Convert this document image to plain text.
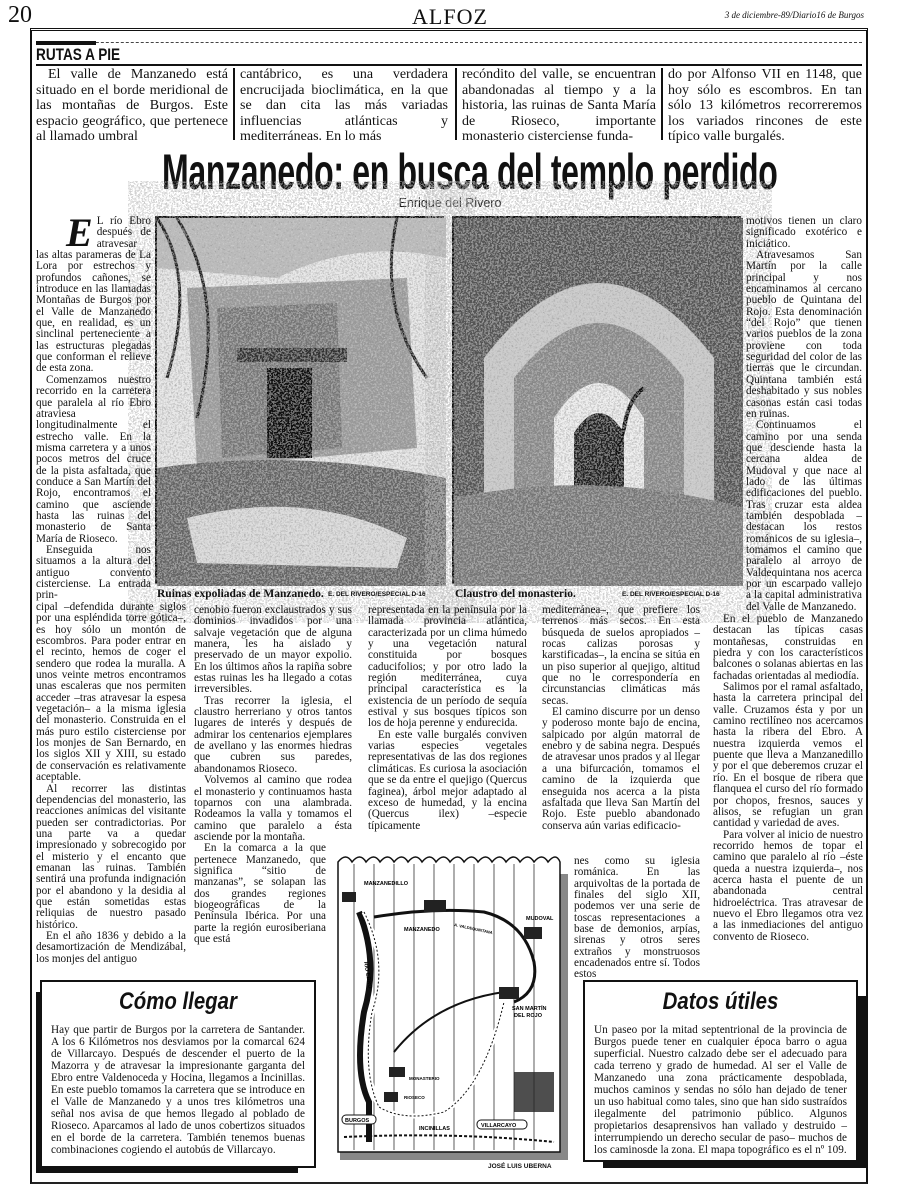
20	ALFOZ	3 de diciembre-89/Diario16 de Burgos
RUTAS A PIE
El valle de Manzanedo está situado en el borde meridional de las montañas de Burgos. Este espacio geográfico, que pertenece al llamado umbral
cantábrico, es una verdadera encrucijada bioclimática, en la que se dan cita las más variadas influencias atlánticas y mediterráneas. En lo más
recóndito del valle, se encuentran abandonadas al tiempo y a la historia, las ruinas de Santa María de Rioseco, importante monasterio cisterciense funda-
do por Alfonso VII en 1148, que hoy sólo es escombros. En tan sólo 13 kilómetros recorreremos los variados rincones de este típico valle burgalés.
Manzanedo: en busca del templo perdido
Enrique del Rivero
Ruinas expoliadas de Manzanedo. E. DEL RIVERO/ESPECIAL D-16	Claustro del monasterio.	E. DEL RIVERO/ESPECIAL D-16

E L río Ebro después de atravesar las altas parameras de La Lora por estrechos y profundos cañones, se introduce en las llamadas Montañas de Burgos por el Valle de Manzanedo que, en realidad, es un sinclinal perteneciente a las estructuras plegadas que conforman el relieve de esta zona.

Comenzamos nuestro recorrido en la carretera que paralela al río Ebro atraviesa longitudinalmente el estrecho valle. En la misma carretera y a unos pocos metros del cruce de la pista asfaltada, que conduce a San Martín del Rojo, encontramos el camino que asciende hasta las ruinas del monasterio de Santa María de Rioseco.

Enseguida nos situamos a la altura del antiguo convento cisterciense. La entrada prin-

cipal –defendida durante siglos por una espléndida torre gótica–, es hoy sólo un montón de escombros. Para poder entrar en el recinto, hemos de coger el sendero que rodea la muralla. A unos veinte metros encontramos unas escaleras que nos permiten acceder –tras atravesar la espesa vegetación– a la misma iglesia del monasterio. Construida en el más puro estilo cisterciense por los monjes de San Bernardo, en los siglos XII y XIII, su estado de conservación es relativamente aceptable.

Al recorrer las distintas dependencias del monasterio, las reacciones anímicas del visitante pueden ser contradictorias. Por una parte va a quedar impresionado y sobrecogido por el misterio y el encanto que emanan las ruinas. También sentirá una profunda indignación por el abandono y la desidia al que están sometidas estas reliquias de nuestro pasado histórico.

En el año 1836 y debido a la desamortización de Mendizábal, los monjes del antiguo

cenobio fueron exclaustrados y sus dominios invadidos por una salvaje vegetación que de alguna manera, les ha aislado y preservado de un mayor expolio. En los últimos años la rapiña sobre estas ruinas les ha llegado a cotas irreversibles.

Tras recorrer la iglesia, el claustro herreriano y otros tantos lugares de interés y después de admirar los centenarios ejemplares de avellano y las enormes hiedras que cubren sus paredes, abandonamos Rioseco.

Volvemos al camino que rodea el monasterio y continuamos hasta toparnos con una alambrada. Rodeamos la valla y tomamos el camino que paralelo a ésta asciende por la montaña.

En la comarca a la que pertenece Manzanedo, que significa “sitio de manzanas”, se solapan las dos grandes regiones biogeográficas de la Península Ibérica. Por una parte la región eurosiberiana que está

representada en la península por la llamada provincia atlántica, caracterizada por un clima húmedo y una vegetación natural constituida por bosques caducifolios; y por otro lado la región mediterránea, cuya principal característica es la existencia de un período de sequía estival y sus bosques típicos son los de hoja perenne y endurecida.

En este valle burgalés conviven varias especies vegetales representativas de las dos regiones climáticas. Es curiosa la asociación que se da entre el quejigo (Quercus faginea), árbol mejor adaptado al exceso de humedad, y la encina (Quercus ilex) –especie típicamente

mediterránea–, que prefiere los terrenos más secos. En esta búsqueda de suelos apropiados –rocas calizas porosas y karstificadas–, la encina se sitúa en un piso superior al quejigo, altitud que no le correspondería en circunstancias climáticas más secas.

El camino discurre por un denso y poderoso monte bajo de encina, salpicado por algún matorral de enebro y de sabina negra. Después de atravesar unos prados y al llegar a una bifurcación, tomamos el camino de la izquierda que enseguida nos acerca a la pista asfaltada que lleva San Martín del Rojo. Este pueblo abandonado conserva aún varias edificacio-

nes como su iglesia románica. En las arquivoltas de la portada de finales del siglo XII, podemos ver una serie de toscas representaciones a base de demonios, arpías, sirenas y otros seres extraños y monstruosos encadenados entre sí. Todos estos

motivos tienen un claro significado exotérico e iniciático.

Atravesamos San Martín por la calle principal y nos encaminamos al cercano pueblo de Quintana del Rojo. Esta denominación “del Rojo” que tienen varios pueblos de la zona proviene con toda seguridad del color de las tierras que le circundan. Quintana también está deshabitado y sus nobles casonas están casi todas en ruinas.

Continuamos el camino por una senda que desciende hasta la cercana aldea de Mudoval y que nace al lado de las últimas edificaciones del pueblo. Tras cruzar esta aldea también despoblada –destacan los restos románicos de su iglesia–, tomamos el camino que paralelo al arroyo de Valdequintana nos acerca por un escarpado vallejo a la capital administrativa del Valle de Manzanedo.

En el pueblo de Manzanedo destacan las típicas casas montañesas, construidas en piedra y con los característicos balcones o solanas abiertas en las fachadas orientadas al mediodía.

Salimos por el ramal asfaltado, hasta la carretera principal del valle. Cruzamos ésta y por un camino rectilíneo nos acercamos hasta la ribera del Ebro. A nuestra izquierda vemos el puente que lleva a Manzanedillo y por el que deberemos cruzar el río. En el bosque de ribera que flanquea el curso del río formado por chopos, fresnos, sauces y alisos, se refugian un gran cantidad y variedad de aves.

Para volver al inicio de nuestro recorrido hemos de topar el camino que paralelo al río –éste queda a nuestra izquierda–, nos acerca hasta el puente de un abandonada central hidroeléctrica. Tras atravesar de nuevo el Ebro llegamos otra vez a las inmediaciones del antiguo convento de Rioseco.

MANZANEDILLO
MANZANEDO	A. VALDEQUINTANA
MUDOVAL
SAN MARTÍN
DEL ROJO
RÍO EBRO
MONASTERIO
RIOSECO
BURGOS
INCINILLAS	VILLARCAYO
JOSÉ LUIS UBERNA
Cómo llegar

Hay que partir de Burgos por la carretera de Santander. A los 6 Kilómetros nos desviamos por la comarcal 624 de Villarcayo. Después de descender el puerto de la Mazorra y de atravesar la impresionante garganta del Ebro entre Valdenoceda y Hocina, llegamos a Incinillas. En este pueblo tomamos la carretera que se introduce en el Valle de Manzanedo y a unos tres kilómetros una señal nos avisa de que hemos llegado al poblado de Rioseco. Aparcamos al lado de unos cobertizos situados en el borde de la carretera. También tenemos buenas combinaciones cogiendo el autobús de Villarcayo.

Datos útiles

Un paseo por la mitad septentrional de la provincia de Burgos puede tener en cualquier época barro o agua superficial. Nuestro calzado debe ser el adecuado para cada terreno y grado de humedad. Al ser el Valle de Manzanedo una zona prácticamente despoblada, muchos caminos y sendas no sólo han dejado de tener un uso habitual como tales, sino que han sido sustraídos ilegalmente del patrimonio público. Algunos propietarios desaprensivos han vallado y destruido –interrumpiendo un derecho secular de paso– muchos de los caminosde la zona. El mapa topográfico es el nº 109.
